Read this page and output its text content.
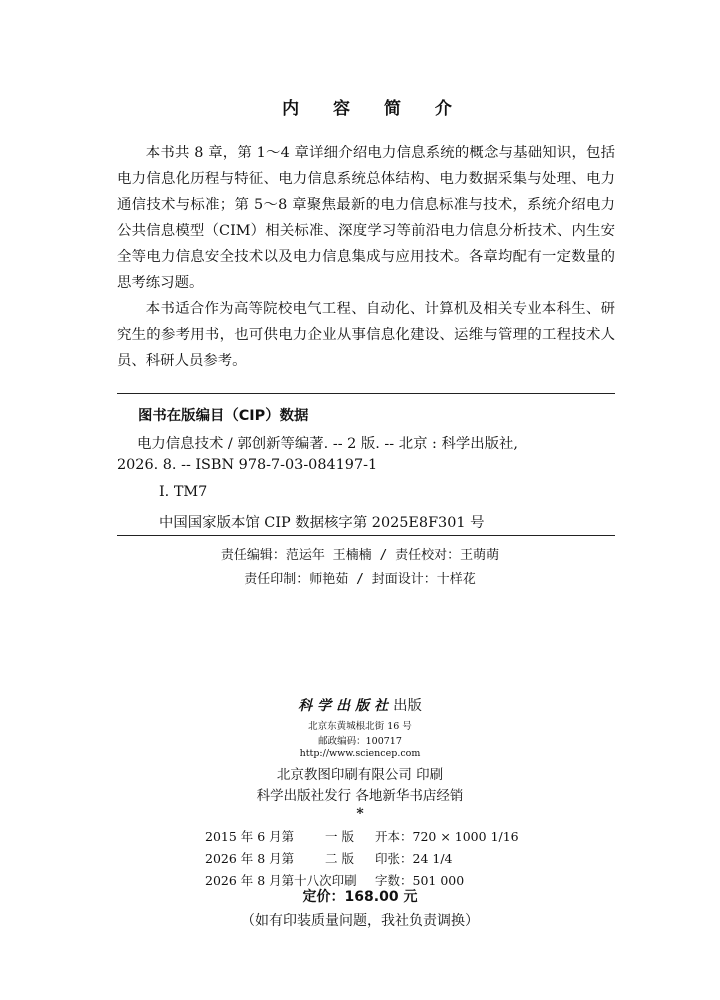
内 容 简 介

本书共 8 章，第 1～4 章详细介绍电力信息系统的概念与基础知识，包括电力信息化历程与特征、电力信息系统总体结构、电力数据采集与处理、电力通信技术与标准；第 5～8 章聚焦最新的电力信息标准与技术，系统介绍电力公共信息模型（CIM）相关标准、深度学习等前沿电力信息分析技术、内生安全等电力信息安全技术以及电力信息集成与应用技术。各章均配有一定数量的思考练习题。

本书适合作为高等院校电气工程、自动化、计算机及相关专业本科生、研究生的参考用书，也可供电力企业从事信息化建设、运维与管理的工程技术人员、科研人员参考。

图书在版编目（CIP）数据
电力信息技术 / 郭创新等编著. -- 2 版. -- 北京 : 科学出版社,
2026. 8. -- ISBN 978-7-03-084197-1
Ⅰ. TM7
中国国家版本馆 CIP 数据核字第 2025E8F301 号
责任编辑：范运年 王楠楠 / 责任校对：王萌萌
责任印制：师艳茹 / 封面设计：十样花
科学出版社出版
北京东黄城根北街 16 号
邮政编码：100717
http://www.sciencep.com
北京教图印刷有限公司 印刷
科学出版社发行 各地新华书店经销
*
2015 年 6 月第 一 版 开本：720 × 1000 1/16
2026 年 8 月第 二 版 印张：24 1/4
2026 年 8 月第十八次印刷 字数：501 000
定价：168.00 元
（如有印装质量问题，我社负责调换）
